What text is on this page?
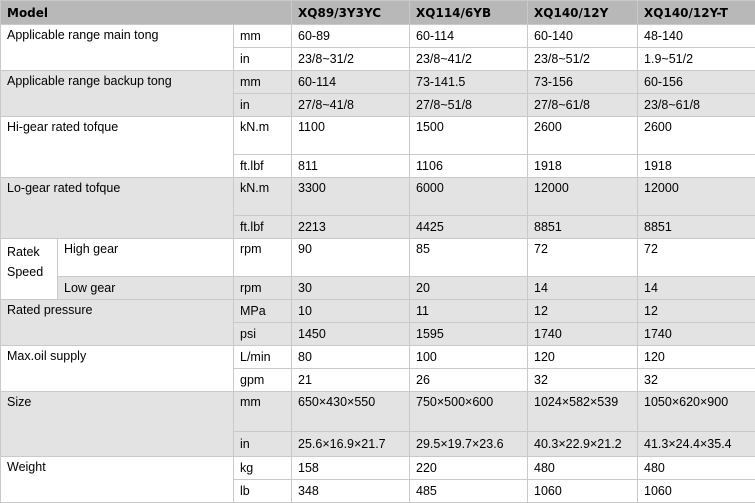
Model			XQ89/3Y3YC	XQ114/6YB	XQ140/12Y	XQ140/12Y-T
Applicable range main tong		mm	60-89	60-114	60-140	48-140
		in	23/8~31/2	23/8~41/2	23/8~51/2	1.9~51/2
Applicable range backup tong		mm	60-114	73-141.5	73-156	60-156
		in	27/8~41/8	27/8~51/8	27/8~61/8	23/8~61/8
Hi-gear rated tofque		kN.m	1100	1500	2600	2600
		ft.lbf	811	1106	1918	1918
Lo-gear rated tofque		kN.m	3300	6000	12000	12000
		ft.lbf	2213	4425	8851	8851
Ratek Speed	High gear	rpm	90	85	72	72
	Low gear	rpm	30	20	14	14
Rated pressure		MPa	10	11	12	12
		psi	1450	1595	1740	1740
Max.oil supply		L/min	80	100	120	120
		gpm	21	26	32	32
Size		mm	650×430×550	750×500×600	1024×582×539	1050×620×900
		in	25.6×16.9×21.7	29.5×19.7×23.6	40.3×22.9×21.2	41.3×24.4×35.4
Weight		kg	158	220	480	480
		lb	348	485	1060	1060
